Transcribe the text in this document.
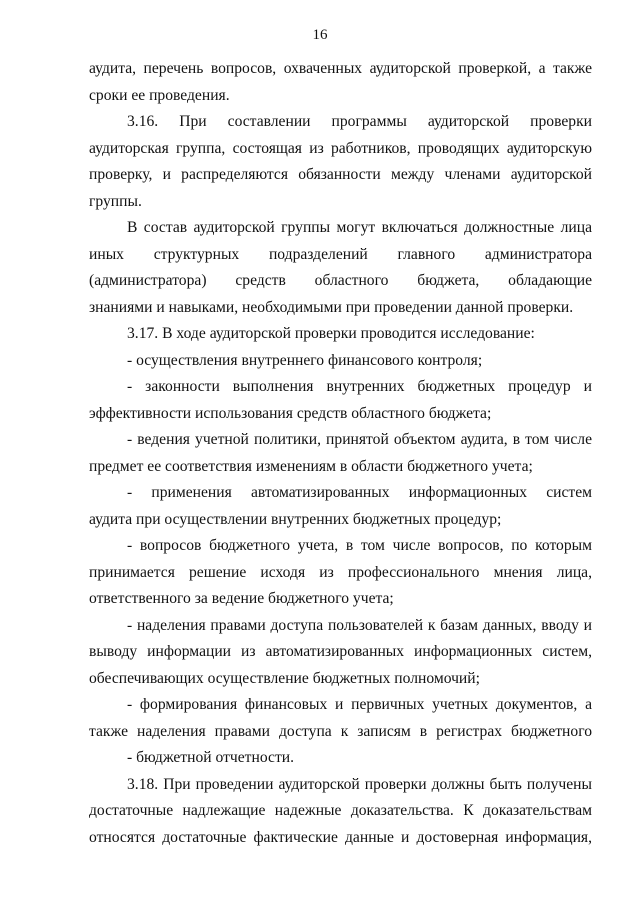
16
аудита, перечень вопросов, охваченных аудиторской проверкой, а также
сроки ее проведения.
3.16. При составлении программы аудиторской проверки
аудиторская группа, состоящая из работников, проводящих аудиторскую
проверку, и распределяются обязанности между членами аудиторской
группы.
В состав аудиторской группы могут включаться должностные лица
иных структурных подразделений главного администратора
(администратора) средств областного бюджета, обладающие
знаниями и навыками, необходимыми при проведении данной проверки.
3.17. В ходе аудиторской проверки проводится исследование:
- осуществления внутреннего финансового контроля;
- законности выполнения внутренних бюджетных процедур и
эффективности использования средств областного бюджета;
- ведения учетной политики, принятой объектом аудита, в том числе
предмет ее соответствия изменениям в области бюджетного учета;
- применения автоматизированных информационных систем
аудита при осуществлении внутренних бюджетных процедур;
- вопросов бюджетного учета, в том числе вопросов, по которым
принимается решение исходя из профессионального мнения лица,
ответственного за ведение бюджетного учета;
- наделения правами доступа пользователей к базам данных, вводу и
выводу информации из автоматизированных информационных систем,
обеспечивающих осуществление бюджетных полномочий;
- формирования финансовых и первичных учетных документов, а
также наделения правами доступа к записям в регистрах бюджетного
- бюджетной отчетности.
3.18. При проведении аудиторской проверки должны быть получены
достаточные надлежащие надежные доказательства. К доказательствам
относятся достаточные фактические данные и достоверная информация,
